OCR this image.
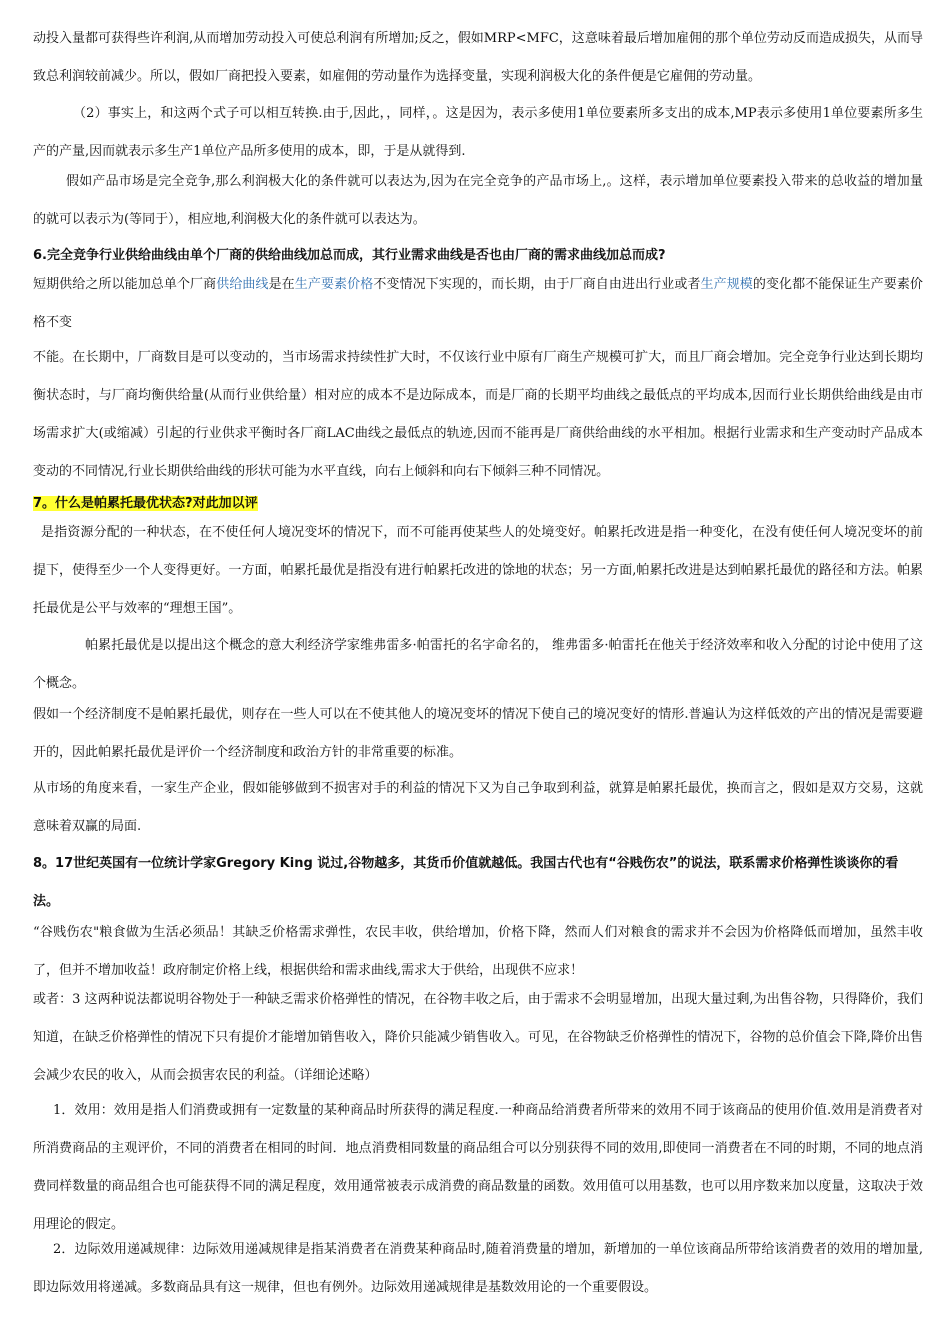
动投入量都可获得些许利润,从而增加劳动投入可使总利润有所增加;反之，假如MRP<MFC，这意味着最后增加雇佣的那个单位劳动反而造成损失，从而导致总利润较前减少。所以，假如厂商把投入要素，如雇佣的劳动量作为选择变量，实现利润极大化的条件便是它雇佣的劳动量。

（2）事实上，和这两个式子可以相互转换.由于,因此，，同样，。这是因为，表示多使用1单位要素所多支出的成本,MP表示多使用1单位要素所多生产的产量,因而就表示多生产1单位产品所多使用的成本，即，于是从就得到.

假如产品市场是完全竞争,那么利润极大化的条件就可以表达为,因为在完全竞争的产品市场上,。这样，表示增加单位要素投入带来的总收益的增加量的就可以表示为(等同于），相应地,利润极大化的条件就可以表达为。

6.完全竞争行业供给曲线由单个厂商的供给曲线加总而成，其行业需求曲线是否也由厂商的需求曲线加总而成?

短期供给之所以能加总单个厂商供给曲线是在生产要素价格不变情况下实现的，而长期，由于厂商自由进出行业或者生产规模的变化都不能保证生产要素价格不变

不能。在长期中，厂商数目是可以变动的，当市场需求持续性扩大时，不仅该行业中原有厂商生产规模可扩大，而且厂商会增加。完全竞争行业达到长期均衡状态时，与厂商均衡供给量(从而行业供给量）相对应的成本不是边际成本，而是厂商的长期平均曲线之最低点的平均成本,因而行业长期供给曲线是由市场需求扩大(或缩减）引起的行业供求平衡时各厂商LAC曲线之最低点的轨迹,因而不能再是厂商供给曲线的水平相加。根据行业需求和生产变动时产品成本变动的不同情况,行业长期供给曲线的形状可能为水平直线，向右上倾斜和向右下倾斜三种不同情况。

7。什么是帕累托最优状态?对此加以评

是指资源分配的一种状态，在不使任何人境况变坏的情况下，而不可能再使某些人的处境变好。帕累托改进是指一种变化，在没有使任何人境况变坏的前提下，使得至少一个人变得更好。一方面，帕累托最优是指没有进行帕累托改进的馀地的状态；另一方面,帕累托改进是达到帕累托最优的路径和方法。帕累托最优是公平与效率的“理想王国”。

帕累托最优是以提出这个概念的意大利经济学家维弗雷多·帕雷托的名字命名的， 维弗雷多·帕雷托在他关于经济效率和收入分配的讨论中使用了这个概念。

假如一个经济制度不是帕累托最优，则存在一些人可以在不使其他人的境况变坏的情况下使自己的境况变好的情形.普遍认为这样低效的产出的情况是需要避开的，因此帕累托最优是评价一个经济制度和政治方针的非常重要的标准。

从市场的角度来看，一家生产企业，假如能够做到不损害对手的利益的情况下又为自己争取到利益，就算是帕累托最优，换而言之，假如是双方交易，这就意味着双赢的局面.

8。17世纪英国有一位统计学家Gregory King 说过,谷物越多，其货币价值就越低。我国古代也有“谷贱伤农”的说法，联系需求价格弹性谈谈你的看法。

“谷贱伤农"粮食做为生活必须品！其缺乏价格需求弹性，农民丰收，供给增加，价格下降，然而人们对粮食的需求并不会因为价格降低而增加，虽然丰收了，但并不增加收益！政府制定价格上线，根据供给和需求曲线,需求大于供给，出现供不应求！

或者：3 这两种说法都说明谷物处于一种缺乏需求价格弹性的情况，在谷物丰收之后，由于需求不会明显增加，出现大量过剩,为出售谷物，只得降价，我们知道，在缺乏价格弹性的情况下只有提价才能增加销售收入，降价只能减少销售收入。可见，在谷物缺乏价格弹性的情况下，谷物的总价值会下降,降价出售会减少农民的收入，从而会损害农民的利益。（详细论述略）

1．效用：效用是指人们消费或拥有一定数量的某种商品时所获得的满足程度.一种商品给消费者所带来的效用不同于该商品的使用价值.效用是消费者对所消费商品的主观评价，不同的消费者在相同的时间．地点消费相同数量的商品组合可以分别获得不同的效用,即使同一消费者在不同的时期，不同的地点消费同样数量的商品组合也可能获得不同的满足程度，效用通常被表示成消费的商品数量的函数。效用值可以用基数，也可以用序数来加以度量，这取决于效用理论的假定。

2．边际效用递减规律：边际效用递减规律是指某消费者在消费某种商品时,随着消费量的增加，新增加的一单位该商品所带给该消费者的效用的增加量,即边际效用将递减。多数商品具有这一规律，但也有例外。边际效用递减规律是基数效用论的一个重要假设。
